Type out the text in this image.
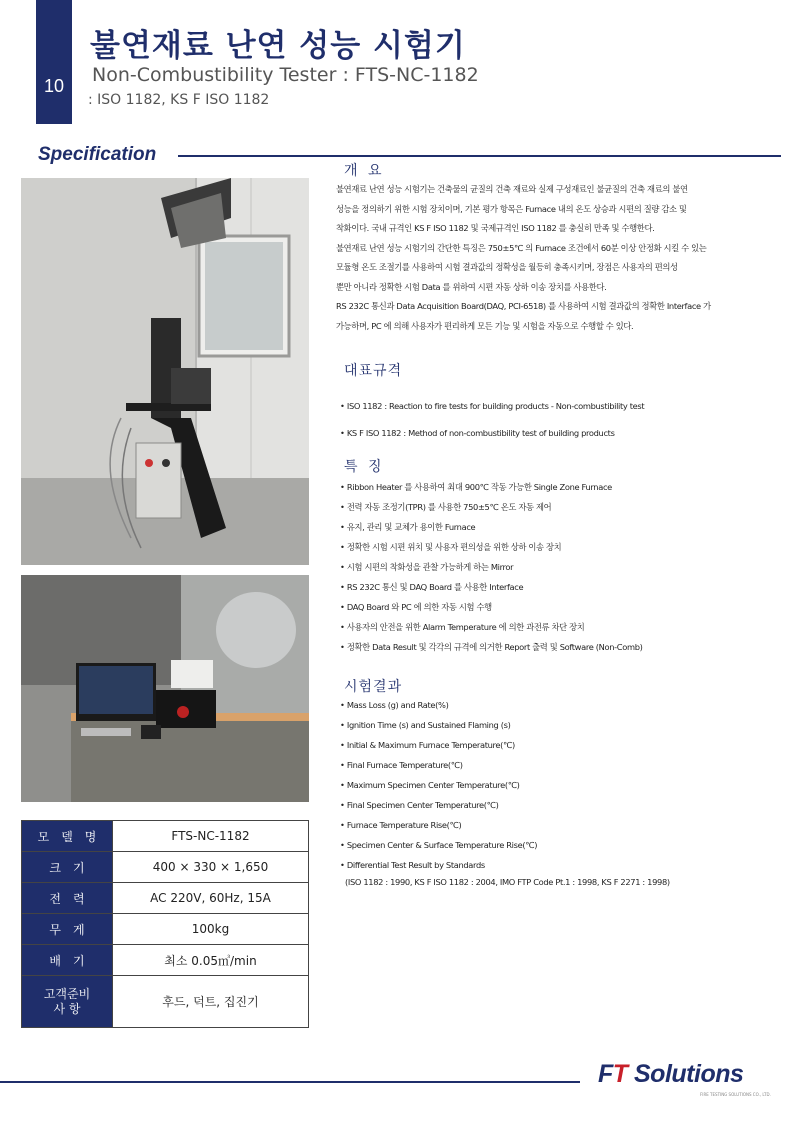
10
불연재료 난연 성능 시험기
Non-Combustibility Tester : FTS-NC-1182
: ISO 1182, KS F ISO 1182
Specification
개 요

불연재료 난연 성능 시험기는 건축물의 균질의 건축 재료와 실제 구성재료인 불균질의 건축 재료의 불연

성능을 정의하기 위한 시험 장치이며, 기본 평가 항목은 Furnace 내의 온도 상승과 시편의 질량 감소 및

착화이다. 국내 규격인 KS F ISO 1182 및 국제규격인 ISO 1182 를 충실히 만족 및 수행한다.

불연재료 난연 성능 시험기의 간단한 특징은 750±5℃ 의 Furnace 조건에서 60분 이상 안정화 시킬 수 있는

모듈형 온도 조절기를 사용하여 시험 결과값의 정확성을 월등히 충족시키며, 장점은 사용자의 편의성

뿐만 아니라 정확한 시험 Data 를 위하여 시편 자동 상하 이송 장치를 사용한다.

RS 232C 통신과 Data Acquisition Board(DAQ, PCI-6518) 를 사용하여 시험 결과값의 정확한 Interface 가

가능하며, PC 에 의해 사용자가 편리하게 모든 기능 및 시험을 자동으로 수행할 수 있다.

대표규격
• ISO 1182 : Reaction to fire tests for building products - Non-combustibility test
• KS F ISO 1182 : Method of non-combustibility test of building products
특 징
• Ribbon Heater 를 사용하여 최대 900℃ 작동 가능한 Single Zone Furnace
• 전력 자동 조정기(TPR) 를 사용한 750±5℃ 온도 자동 제어
• 유지, 관리 및 교체가 용이한 Furnace
• 정확한 시험 시편 위치 및 사용자 편의성을 위한 상하 이송 장치
• 시험 시편의 착화성을 관찰 가능하게 하는 Mirror
• RS 232C 통신 및 DAQ Board 를 사용한 Interface
• DAQ Board 와 PC 에 의한 자동 시험 수행
• 사용자의 안전을 위한 Alarm Temperature 에 의한 과전류 차단 장치
• 정확한 Data Result 및 각각의 규격에 의거한 Report 출력 및 Software (Non-Comb)
시험결과
• Mass Loss (g) and Rate(%)
• Ignition Time (s) and Sustained Flaming (s)
• Initial & Maximum Furnace Temperature(℃)
• Final Furnace Temperature(℃)
• Maximum Specimen Center Temperature(℃)
• Final Specimen Center Temperature(℃)
• Furnace Temperature Rise(℃)
• Specimen Center & Surface Temperature Rise(℃)
• Differential Test Result by Standards
(ISO 1182 : 1990, KS F ISO 1182 : 2004, IMO FTP Code Pt.1 : 1998, KS F 2271 : 1998)
모델명	FTS-NC-1182
크기	400 × 330 × 1,650
전력	AC 220V, 60Hz, 15A
무게	100kg
배기	최소 0.05㎥/min

고객준비
사 항	후드, 덕트, 집진기
FT Solutions
FIRE TESTING SOLUTIONS CO., LTD.
